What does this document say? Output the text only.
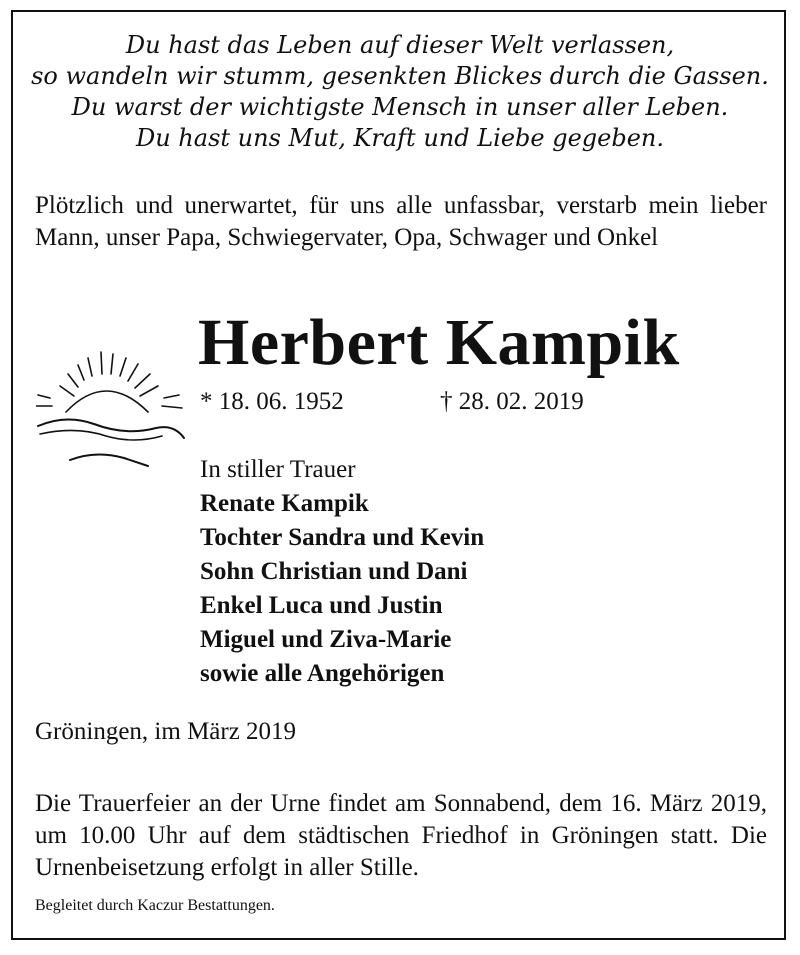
Du hast das Leben auf dieser Welt verlassen,
so wandeln wir stumm, gesenkten Blickes durch die Gassen.
Du warst der wichtigste Mensch in unser aller Leben.
Du hast uns Mut, Kraft und Liebe gegeben.
Plötzlich und unerwartet, für uns alle unfassbar, verstarb mein lieber Mann, unser Papa, Schwiegervater, Opa, Schwager und Onkel
Herbert Kampik
* 18. 06. 1952	† 28. 02. 2019
In stiller Trauer
Renate Kampik
Tochter Sandra und Kevin
Sohn Christian und Dani
Enkel Luca und Justin
Miguel und Ziva-Marie
sowie alle Angehörigen
Gröningen, im März 2019
Die Trauerfeier an der Urne findet am Sonnabend, dem 16. März 2019, um 10.00 Uhr auf dem städtischen Friedhof in Gröningen statt. Die Urnenbeisetzung erfolgt in aller Stille.
Begleitet durch Kaczur Bestattungen.
